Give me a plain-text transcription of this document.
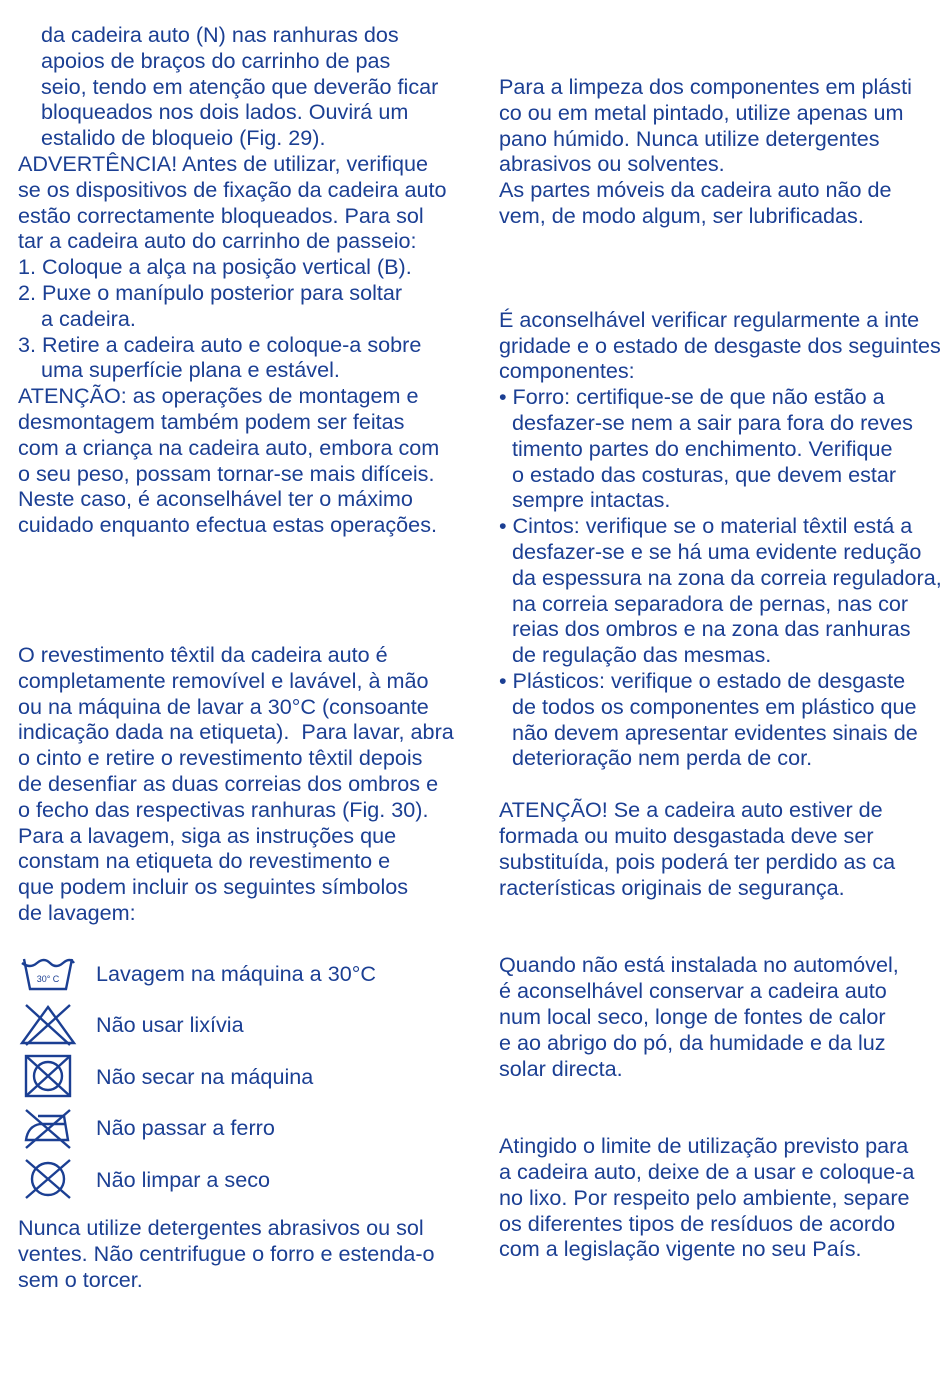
da cadeira auto (N) nas ranhuras dos
apoios de braços do carrinho de pas
seio, tendo em atenção que deverão ficar
bloqueados nos dois lados. Ouvirá um
estalido de bloqueio (Fig. 29).
ADVERTÊNCIA! Antes de utilizar, verifique
se os dispositivos de fixação da cadeira auto
estão correctamente bloqueados. Para sol
tar a cadeira auto do carrinho de passeio:
1. Coloque a alça na posição vertical (B).
2. Puxe o manípulo posterior para soltar
a cadeira.
3. Retire a cadeira auto e coloque-a sobre
uma superfície plana e estável.
ATENÇÃO: as operações de montagem e
desmontagem também podem ser feitas
com a criança na cadeira auto, embora com
o seu peso, possam tornar-se mais difíceis.
Neste caso, é aconselhável ter o máximo
cuidado enquanto efectua estas operações.
O revestimento têxtil da cadeira auto é
completamente removível e lavável, à mão
ou na máquina de lavar a 30°C (consoante
indicação dada na etiqueta).  Para lavar, abra
o cinto e retire o revestimento têxtil depois
de desenfiar as duas correias dos ombros e
o fecho das respectivas ranhuras (Fig. 30).
Para a lavagem, siga as instruções que
constam na etiqueta do revestimento e
que podem incluir os seguintes símbolos
de lavagem:
30° C Lavagem na máquina a 30°C
Não usar lixívia
Não secar na máquina
Não passar a ferro
Não limpar a seco
Nunca utilize detergentes abrasivos ou sol
ventes. Não centrifugue o forro e estenda-o
sem o torcer.
Para a limpeza dos componentes em plásti
co ou em metal pintado, utilize apenas um
pano húmido. Nunca utilize detergentes
abrasivos ou solventes.
As partes móveis da cadeira auto não de
vem, de modo algum, ser lubrificadas.
É aconselhável verificar regularmente a inte
gridade e o estado de desgaste dos seguintes
componentes:
• Forro: certifique-se de que não estão a
desfazer-se nem a sair para fora do reves
timento partes do enchimento. Verifique
o estado das costuras, que devem estar
sempre intactas.
• Cintos: verifique se o material têxtil está a
desfazer-se e se há uma evidente redução
da espessura na zona da correia reguladora,
na correia separadora de pernas, nas cor
reias dos ombros e na zona das ranhuras
de regulação das mesmas.
• Plásticos: verifique o estado de desgaste
de todos os componentes em plástico que
não devem apresentar evidentes sinais de
deterioração nem perda de cor.
ATENÇÃO! Se a cadeira auto estiver de
formada ou muito desgastada deve ser
substituída, pois poderá ter perdido as ca
racterísticas originais de segurança.
Quando não está instalada no automóvel,
é aconselhável conservar a cadeira auto
num local seco, longe de fontes de calor
e ao abrigo do pó, da humidade e da luz
solar directa.
Atingido o limite de utilização previsto para
a cadeira auto, deixe de a usar e coloque-a
no lixo. Por respeito pelo ambiente, separe
os diferentes tipos de resíduos de acordo
com a legislação vigente no seu País.
